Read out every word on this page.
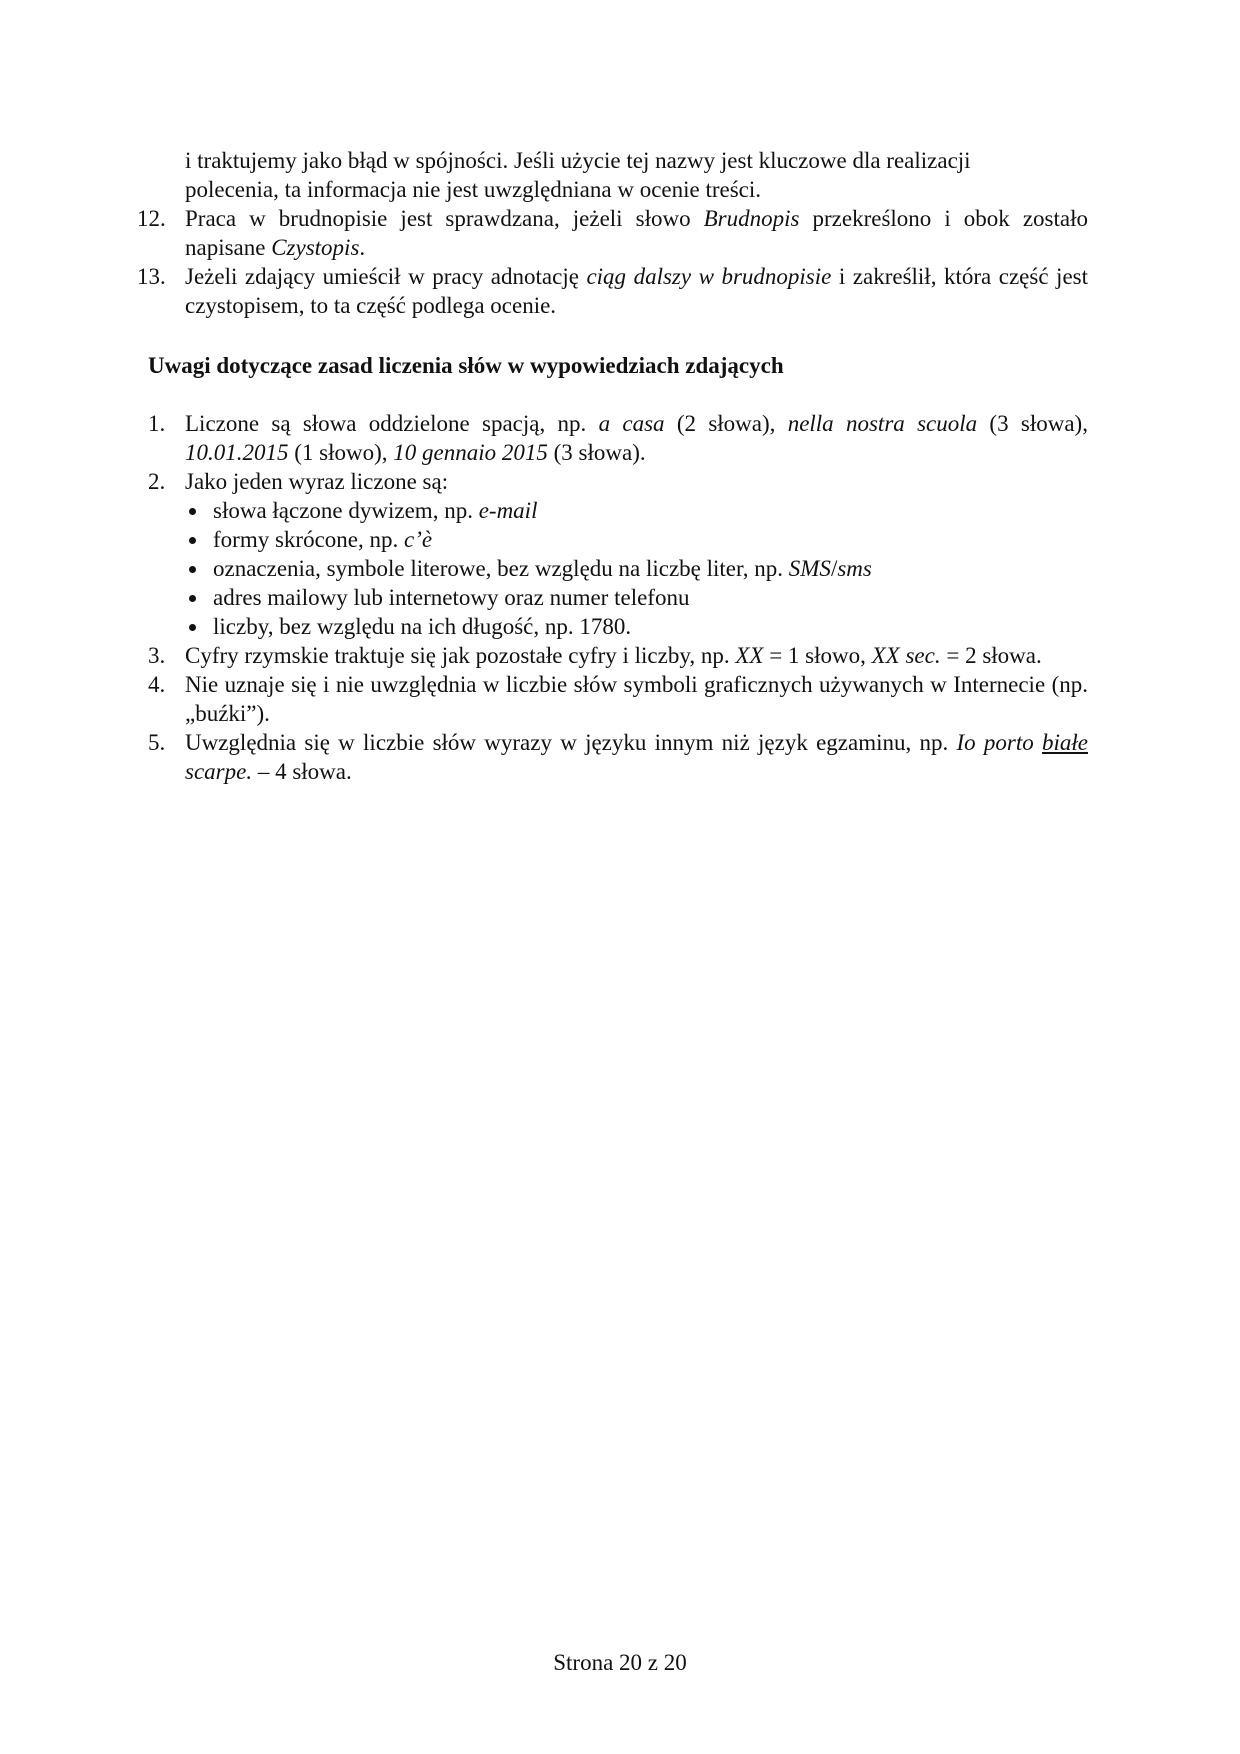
i traktujemy jako błąd w spójności. Jeśli użycie tej nazwy jest kluczowe dla realizacji
polecenia, ta informacja nie jest uwzględniana w ocenie treści.
12. Praca w brudnopisie jest sprawdzana, jeżeli słowo Brudnopis przekreślono i obok zostało napisane Czystopis.
13. Jeżeli zdający umieścił w pracy adnotację ciąg dalszy w brudnopisie i zakreślił, która część jest czystopisem, to ta część podlega ocenie.
Uwagi dotyczące zasad liczenia słów w wypowiedziach zdających
1. Liczone są słowa oddzielone spacją, np. a casa (2 słowa), nella nostra scuola (3 słowa), 10.01.2015 (1 słowo), 10 gennaio 2015 (3 słowa).
2. Jako jeden wyraz liczone są:
słowa łączone dywizem, np. e-mail
formy skrócone, np. c’è
oznaczenia, symbole literowe, bez względu na liczbę liter, np. SMS/sms
adres mailowy lub internetowy oraz numer telefonu
liczby, bez względu na ich długość, np. 1780.
3. Cyfry rzymskie traktuje się jak pozostałe cyfry i liczby, np. XX = 1 słowo, XX sec. = 2 słowa.
4. Nie uznaje się i nie uwzględnia w liczbie słów symboli graficznych używanych w Internecie (np. „buźki”).
5. Uwzględnia się w liczbie słów wyrazy w języku innym niż język egzaminu, np. Io porto białe scarpe. – 4 słowa.
Strona 20 z 20
